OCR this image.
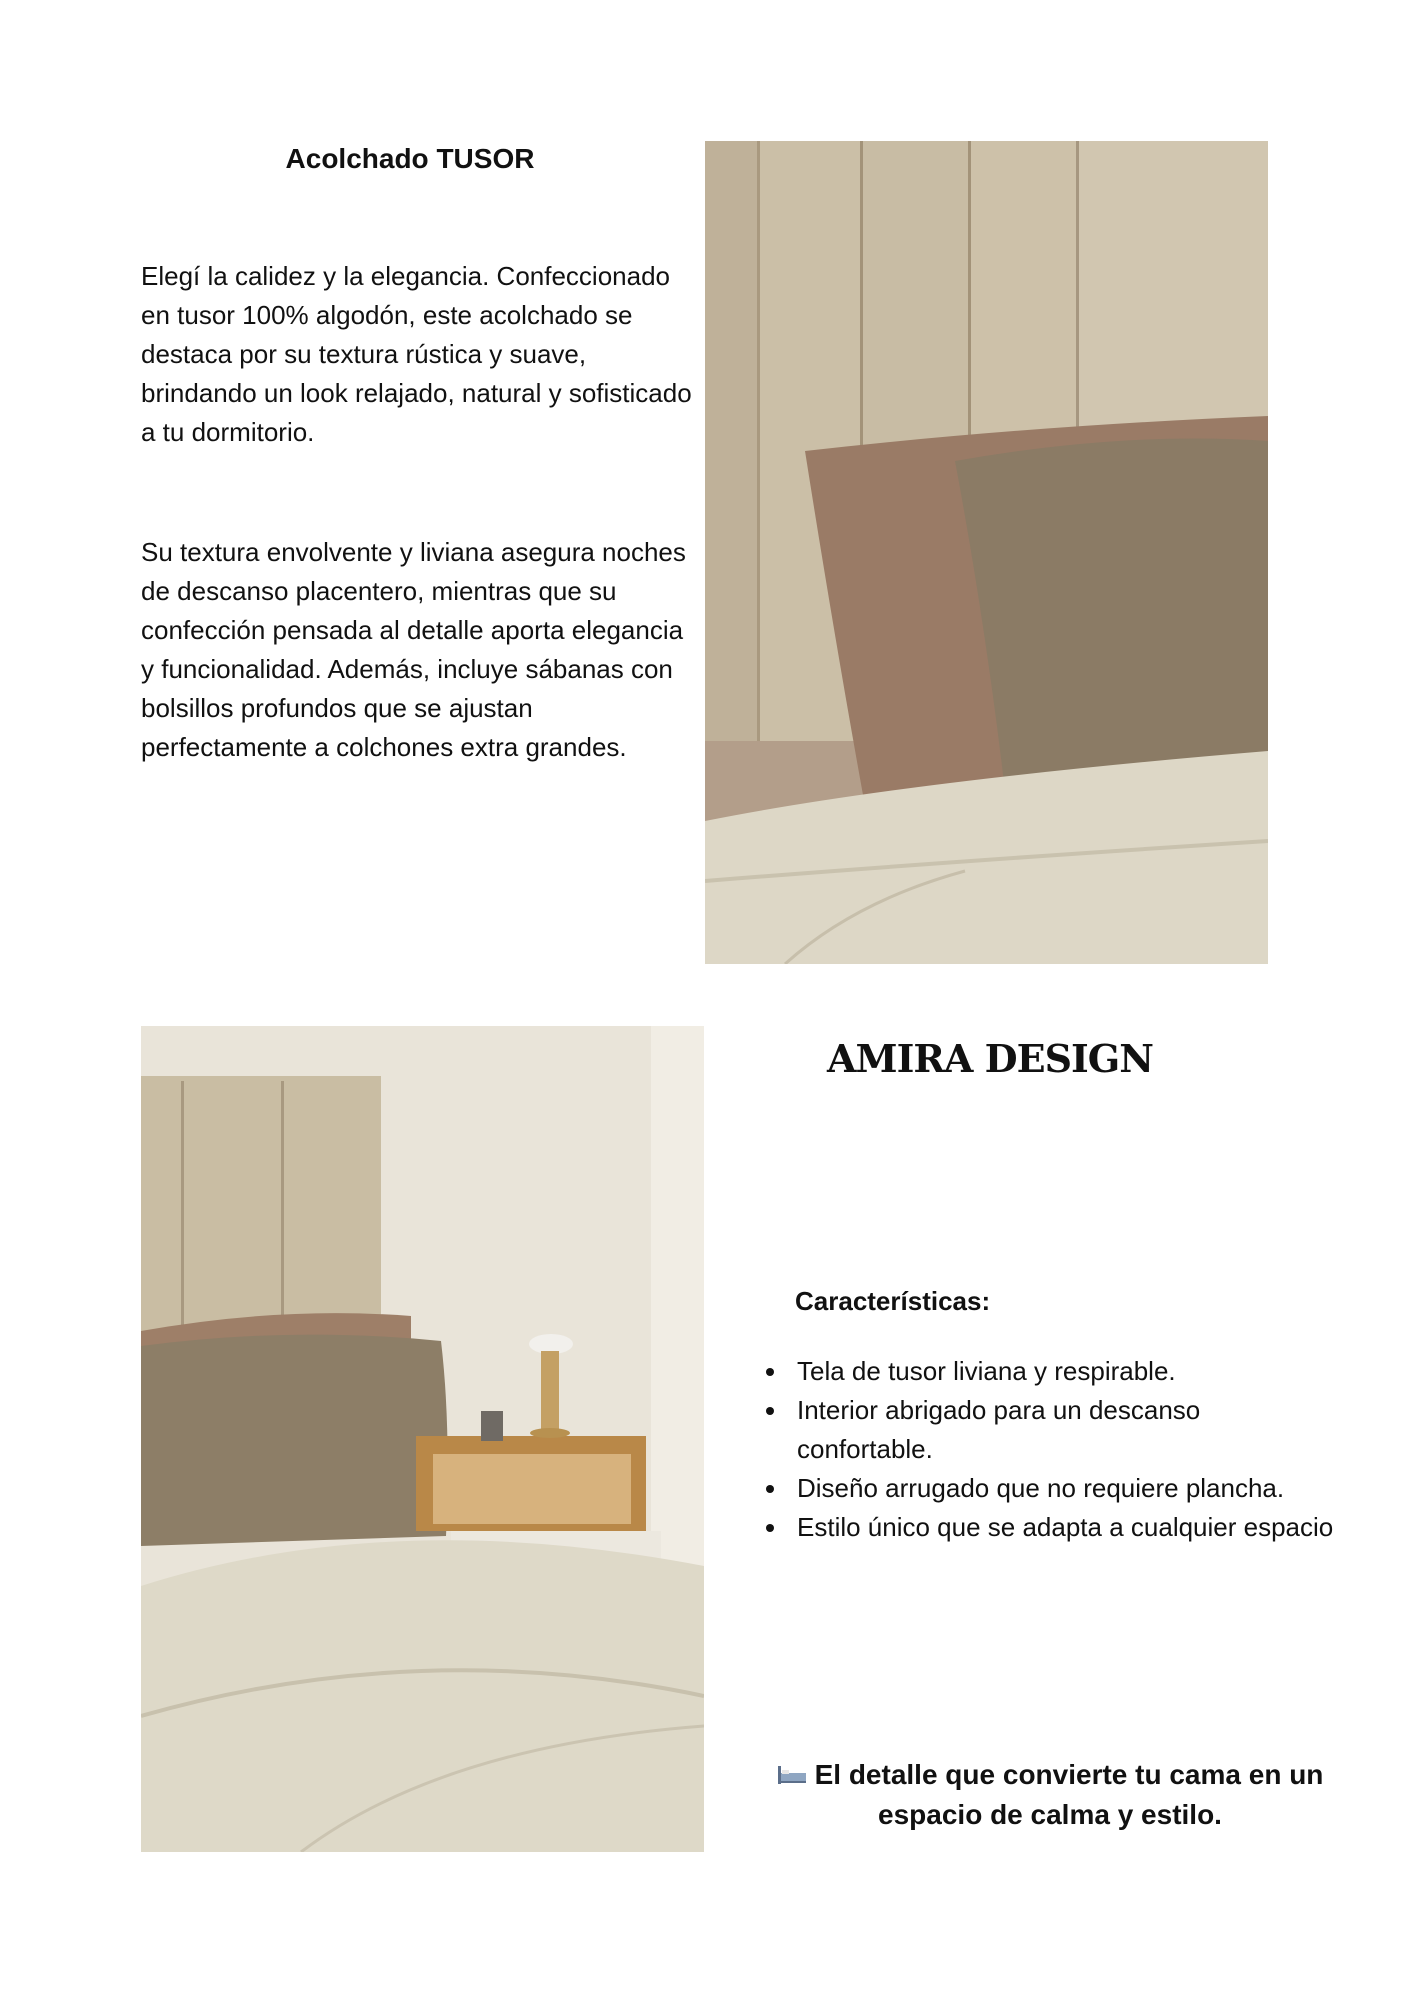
Acolchado TUSOR

Elegí la calidez y la elegancia. Confeccionado en tusor 100% algodón, este acolchado se destaca por su textura rústica y suave, brindando un look relajado, natural y sofisticado a tu dormitorio.

Su textura envolvente y liviana asegura noches de descanso placentero, mientras que su confección pensada al detalle aporta elegancia y funcionalidad. Además, incluye sábanas con bolsillos profundos que se ajustan perfectamente a colchones extra grandes.

AMIRA DESIGN
Características:
Tela de tusor liviana y respirable.
Interior abrigado para un descanso confortable.
Diseño arrugado que no requiere plancha.
Estilo único que se adapta a cualquier espacio

El detalle que convierte tu cama en un espacio de calma y estilo.
